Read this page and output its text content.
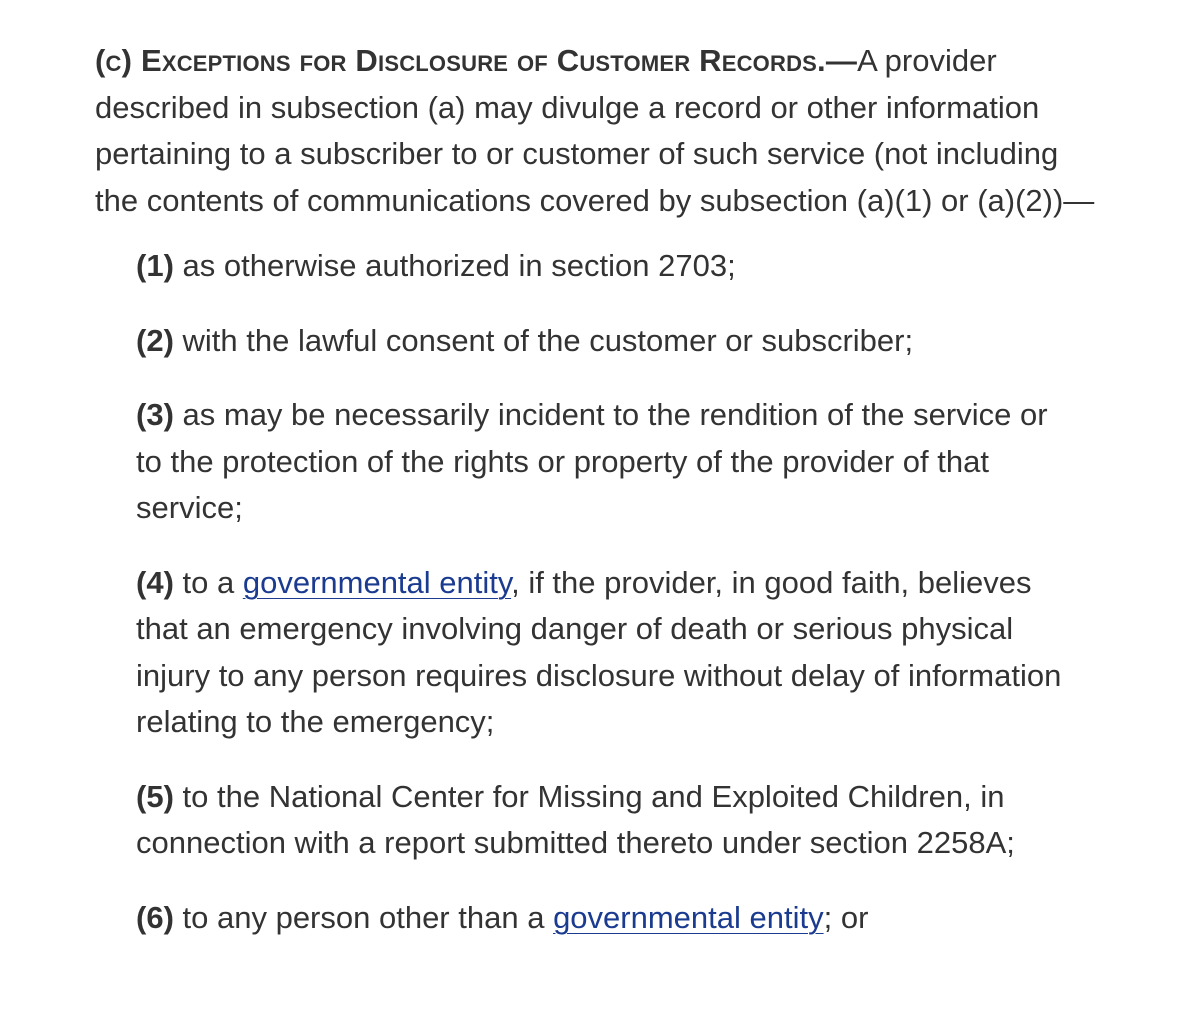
(c) Exceptions for Disclosure of Customer Records.—A provider described in subsection (a) may divulge a record or other information pertaining to a subscriber to or customer of such service (not including the contents of communications covered by subsection (a)(1) or (a)(2))—

(1) as otherwise authorized in section 2703;

(2) with the lawful consent of the customer or subscriber;

(3) as may be necessarily incident to the rendition of the service or to the protection of the rights or property of the provider of that service;

(4) to a governmental entity, if the provider, in good faith, believes that an emergency involving danger of death or serious physical injury to any person requires disclosure without delay of information relating to the emergency;

(5) to the National Center for Missing and Exploited Children, in connection with a report submitted thereto under section 2258A;

(6) to any person other than a governmental entity; or
